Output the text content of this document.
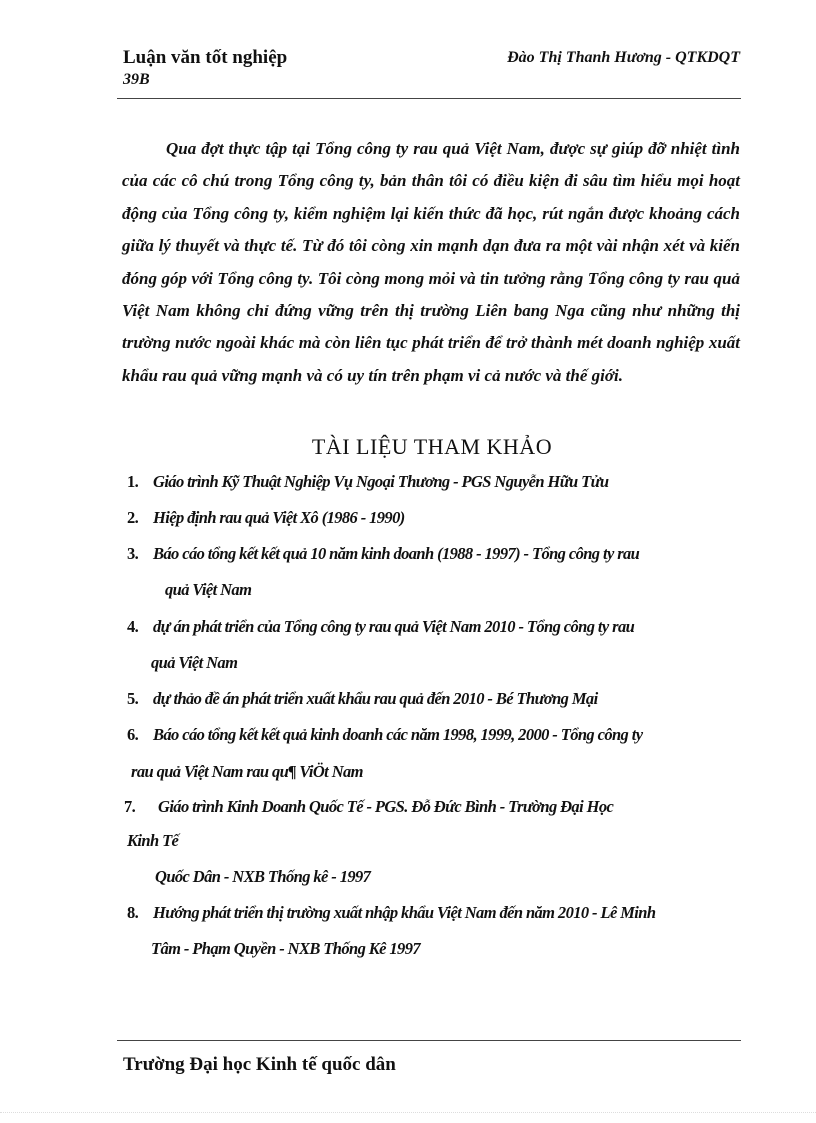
Luận văn tốt nghiệp
39B
Đào Thị Thanh Hương - QTKDQT
Qua đợt thực tập tại Tổng công ty rau quả Việt Nam, được sự giúp đỡ nhiệt tình của các cô chú trong Tổng công ty, bản thân tôi có điều kiện đi sâu tìm hiểu mọi hoạt động của Tổng công ty, kiểm nghiệm lại kiến thức đã học, rút ngắn được khoảng cách giữa lý thuyết và thực tế. Từ đó tôi còng xin mạnh dạn đưa ra một vài nhận xét và kiến đóng góp với Tổng công ty. Tôi còng mong mỏi và tin tưởng rằng Tổng công ty rau quả Việt Nam không chỉ đứng vững trên thị trường Liên bang Nga cũng như những thị trường nước ngoài khác mà còn liên tục phát triển để trở thành mét doanh nghiệp xuất khẩu rau quả vững mạnh và có uy tín trên phạm vi cả nước và thế giới.
TÀI LIỆU THAM KHẢO
1. Giáo trình Kỹ Thuật Nghiệp Vụ Ngoại Thương - PGS Nguyễn Hữu Tửu
2. Hiệp định rau quả Việt Xô (1986 - 1990)
3. Báo cáo tổng kết kết quả 10 năm kinh doanh (1988 - 1997) - Tổng công ty rau
quả Việt Nam
4. dự án phát triển của Tổng công ty rau quả Việt Nam 2010 - Tổng công ty rau
quả Việt Nam
5. dự thảo đề án phát triển xuất khẩu rau quả đến 2010 - Bé Thương Mại
6. Báo cáo tổng kết kết quả kinh doanh các năm 1998, 1999, 2000 - Tổng công ty
rau quả Việt Nam rau qu¶ ViÖt Nam
7. Giáo trình Kinh Doanh Quốc Tế - PGS. Đỗ Đức Bình - Trường Đại Học
Kinh Tế
Quốc Dân - NXB Thống kê - 1997
8. Hướng phát triển thị trường xuất nhập khẩu Việt Nam đến năm 2010 - Lê Minh
Tâm - Phạm Quyền - NXB Thống Kê 1997
Trường Đại học Kinh tế quốc dân
